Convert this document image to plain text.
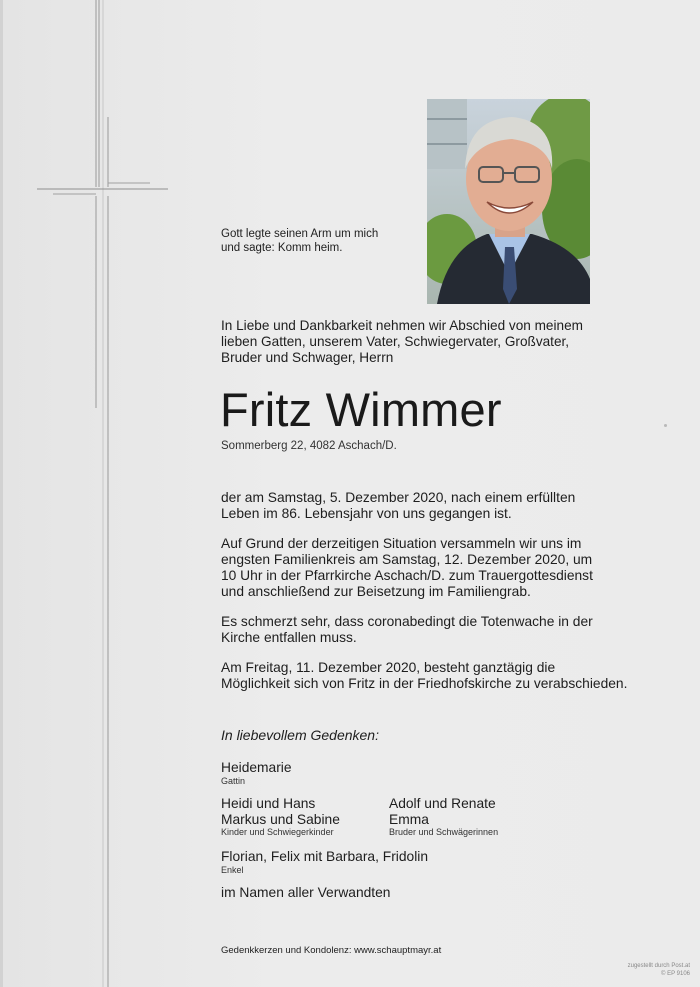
Gott legte seinen Arm um mich
und sagte: Komm heim.
In Liebe und Dankbarkeit nehmen wir Abschied von meinem
lieben Gatten, unserem Vater, Schwiegervater, Großvater,
Bruder und Schwager, Herrn
Fritz Wimmer
Sommerberg 22, 4082 Aschach/D.

der am Samstag, 5. Dezember 2020, nach einem erfüllten
Leben im 86. Lebensjahr von uns gegangen ist.

Auf Grund der derzeitigen Situation versammeln wir uns im
engsten Familienkreis am Samstag, 12. Dezember 2020, um
10 Uhr in der Pfarrkirche Aschach/D. zum Trauergottesdienst
und anschließend zur Beisetzung im Familiengrab.

Es schmerzt sehr, dass coronabedingt die Totenwache in der
Kirche entfallen muss.

Am Freitag, 11. Dezember 2020, besteht ganztägig die
Möglichkeit sich von Fritz in der Friedhofskirche zu verabschieden.

In liebevollem Gedenken:
Heidemarie
Gattin
Heidi und Hans
Markus und Sabine
Kinder und Schwiegerkinder
Adolf und Renate
Emma
Bruder und Schwägerinnen
Florian, Felix mit Barbara, Fridolin
Enkel
im Namen aller Verwandten
Gedenkkerzen und Kondolenz: www.schauptmayr.at
zugestellt durch Post.at
© EP 9106
